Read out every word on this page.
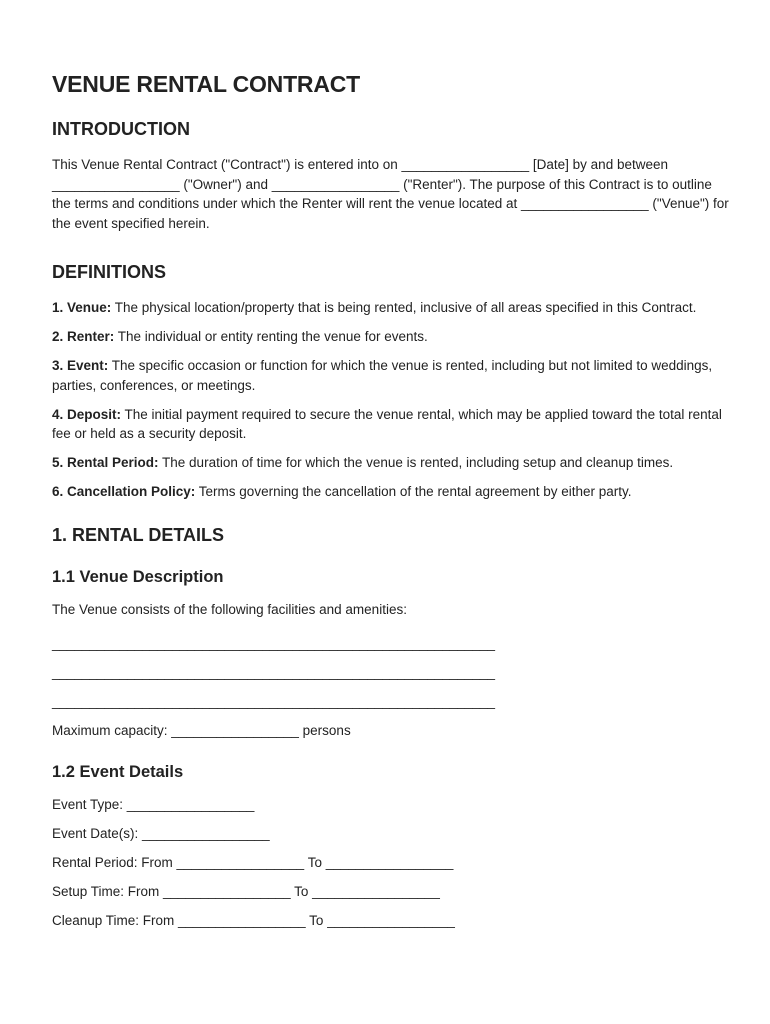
VENUE RENTAL CONTRACT
INTRODUCTION

This Venue Rental Contract ("Contract") is entered into on _________________ [Date] by and between _________________ ("Owner") and _________________ ("Renter"). The purpose of this Contract is to outline the terms and conditions under which the Renter will rent the venue located at _________________ ("Venue") for the event specified herein.

DEFINITIONS

1. Venue: The physical location/property that is being rented, inclusive of all areas specified in this Contract.

2. Renter: The individual or entity renting the venue for events.

3. Event: The specific occasion or function for which the venue is rented, including but not limited to weddings, parties, conferences, or meetings.

4. Deposit: The initial payment required to secure the venue rental, which may be applied toward the total rental fee or held as a security deposit.

5. Rental Period: The duration of time for which the venue is rented, including setup and cleanup times.

6. Cancellation Policy: Terms governing the cancellation of the rental agreement by either party.

1. RENTAL DETAILS
1.1 Venue Description

The Venue consists of the following facilities and amenities:

___________________________________________________________
___________________________________________________________
___________________________________________________________

Maximum capacity: _________________ persons

1.2 Event Details

Event Type: _________________

Event Date(s): _________________

Rental Period: From _________________ To _________________

Setup Time: From _________________ To _________________

Cleanup Time: From _________________ To _________________
